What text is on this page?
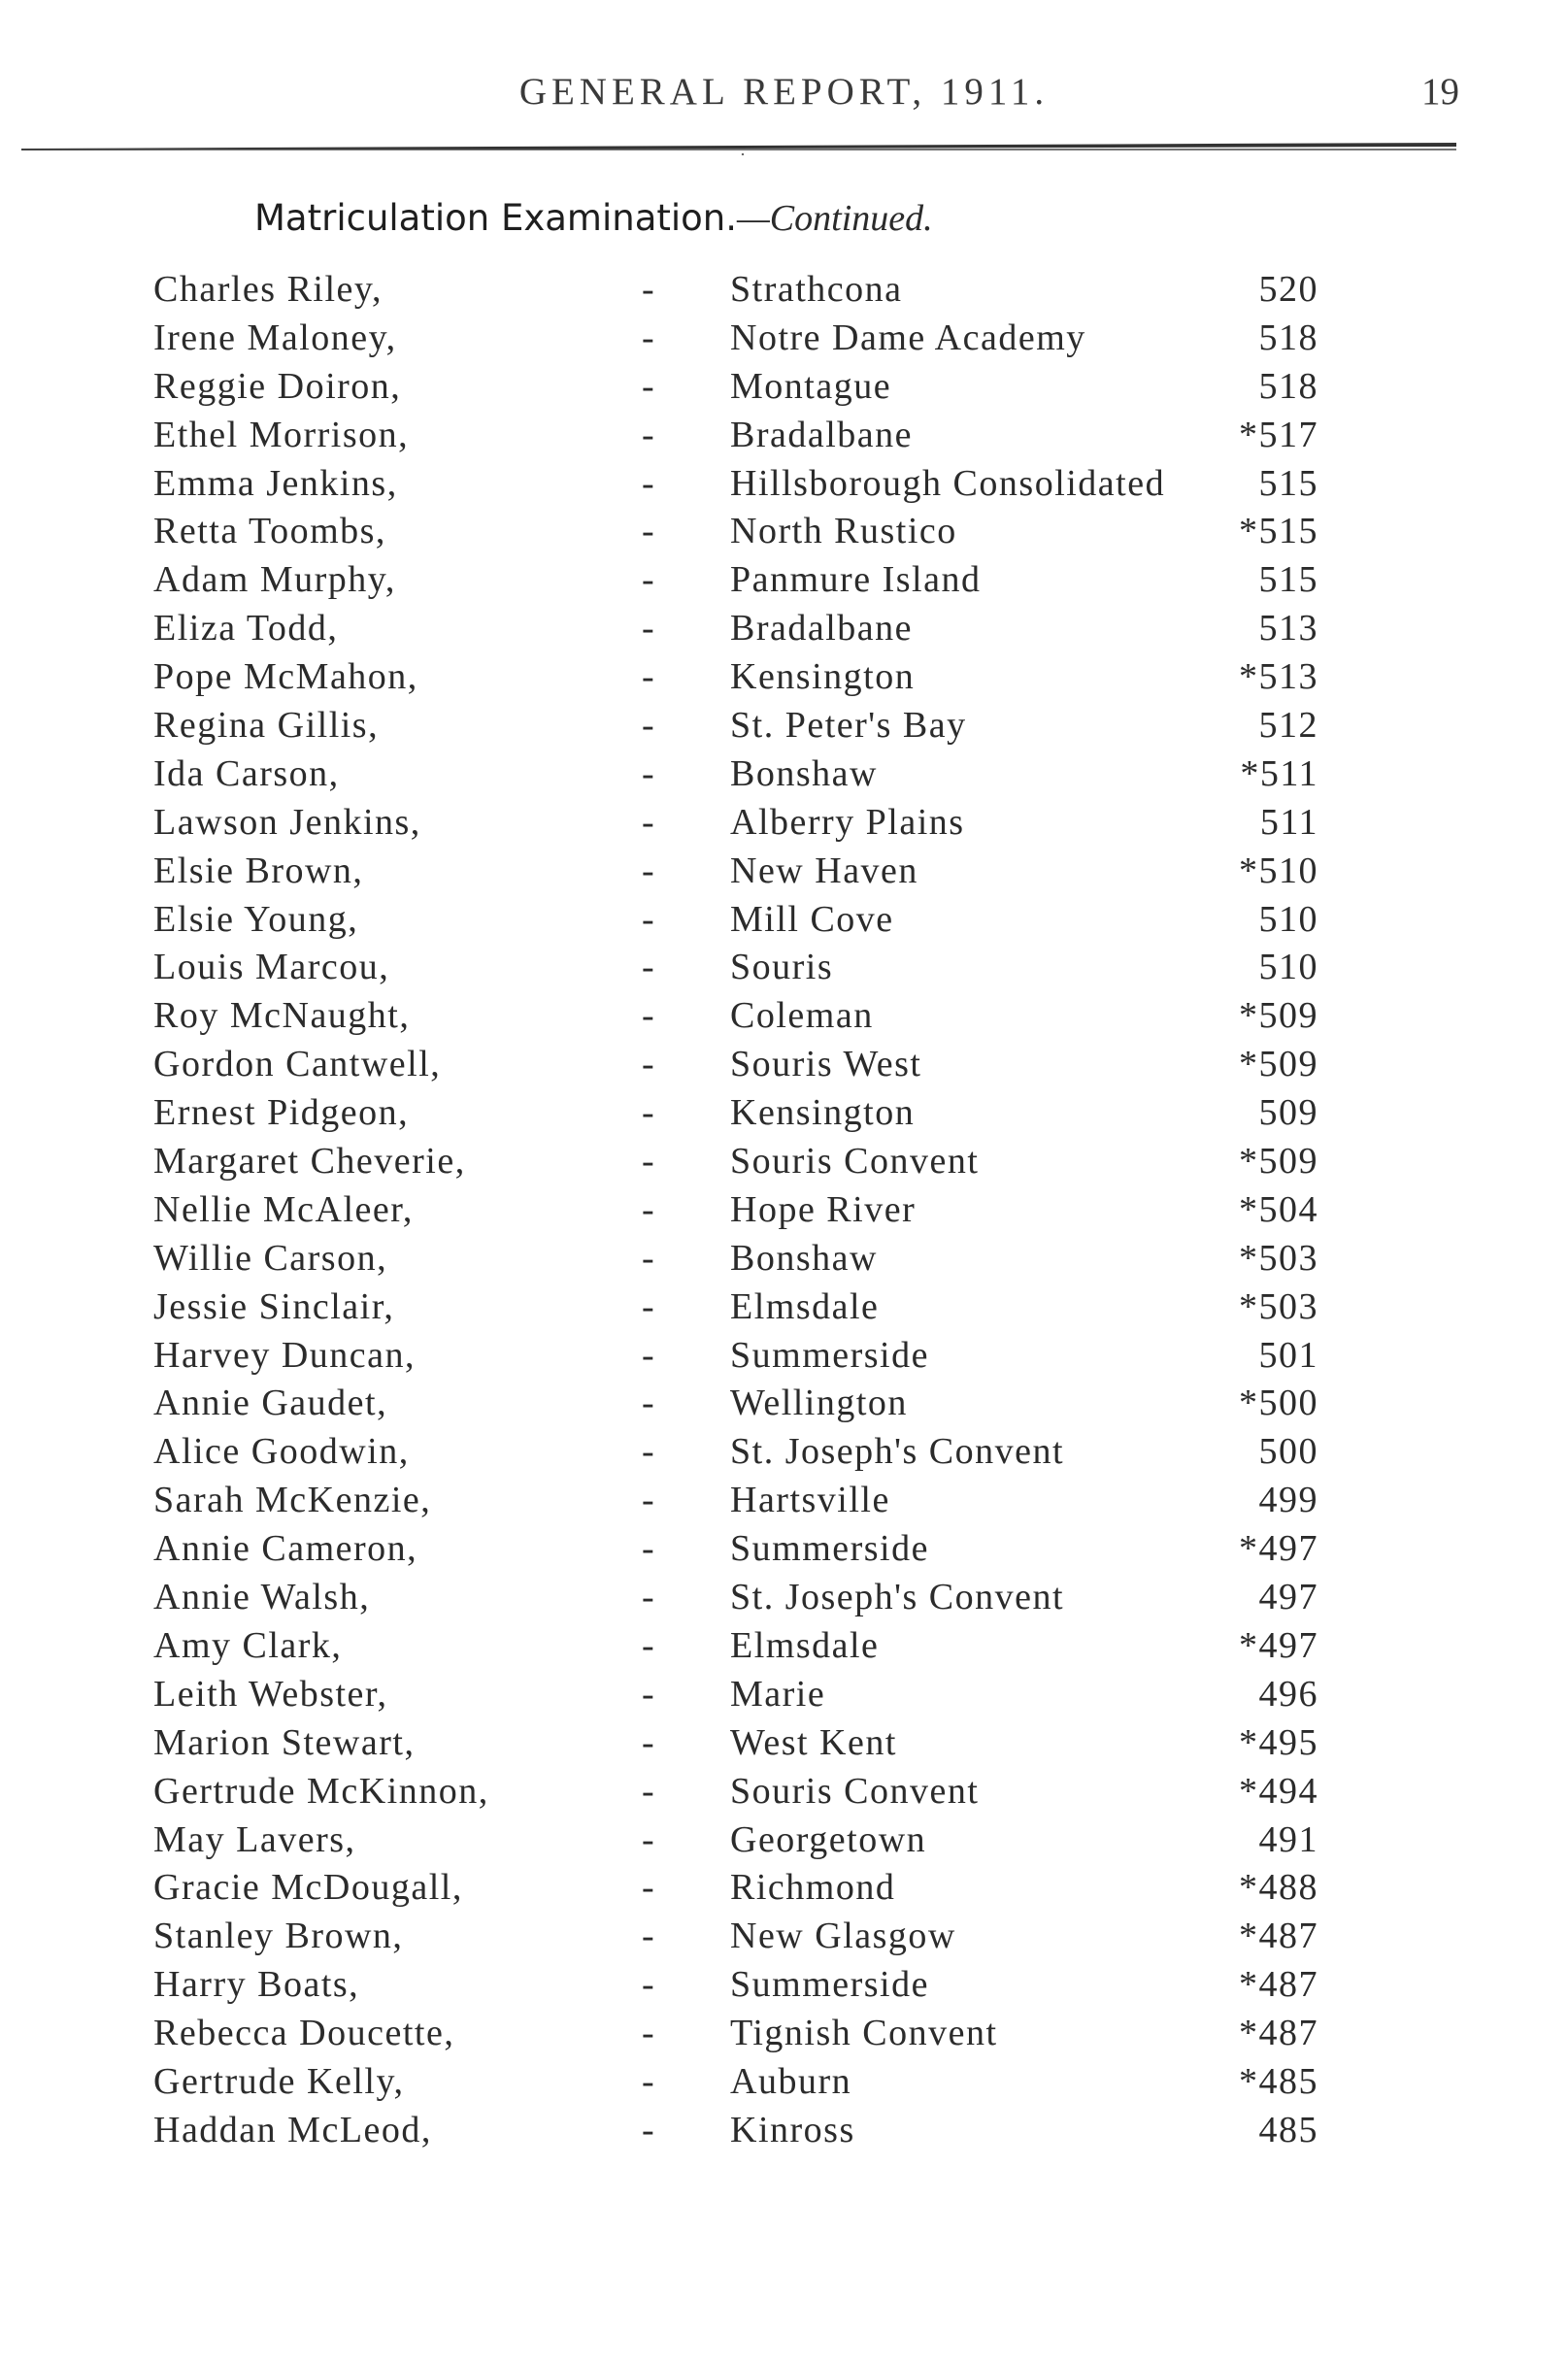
GENERAL REPORT, 1911.	19
Matriculation Examination.—Continued.
Charles Riley,	- Strathcona	520
Irene Maloney,	- Notre Dame Academy	518
Reggie Doiron,	- Montague	518
Ethel Morrison,	- Bradalbane	*517
Emma Jenkins,	- Hillsborough Consolidated	515
Retta Toombs,	- North Rustico	*515
Adam Murphy,	- Panmure Island	515
Eliza Todd,	- Bradalbane	513
Pope McMahon,	- Kensington	*513
Regina Gillis,	- St. Peter's Bay	512
Ida Carson,	- Bonshaw	*511
Lawson Jenkins,	- Alberry Plains	511
Elsie Brown,	- New Haven	*510
Elsie Young,	- Mill Cove	510
Louis Marcou,	- Souris	510
Roy McNaught,	- Coleman	*509
Gordon Cantwell,	- Souris West	*509
Ernest Pidgeon,	- Kensington	509
Margaret Cheverie,	- Souris Convent	*509
Nellie McAleer,	- Hope River	*504
Willie Carson,	- Bonshaw	*503
Jessie Sinclair,	- Elmsdale	*503
Harvey Duncan,	- Summerside	501
Annie Gaudet,	- Wellington	*500
Alice Goodwin,	- St. Joseph's Convent	500
Sarah McKenzie,	- Hartsville	499
Annie Cameron,	- Summerside	*497
Annie Walsh,	- St. Joseph's Convent	497
Amy Clark,	- Elmsdale	*497
Leith Webster,	- Marie	496
Marion Stewart,	- West Kent	*495
Gertrude McKinnon,	- Souris Convent	*494
May Lavers,	- Georgetown	491
Gracie McDougall,	- Richmond	*488
Stanley Brown,	- New Glasgow	*487
Harry Boats,	- Summerside	*487
Rebecca Doucette,	- Tignish Convent	*487
Gertrude Kelly,	- Auburn	*485
Haddan McLeod,	- Kinross	485
